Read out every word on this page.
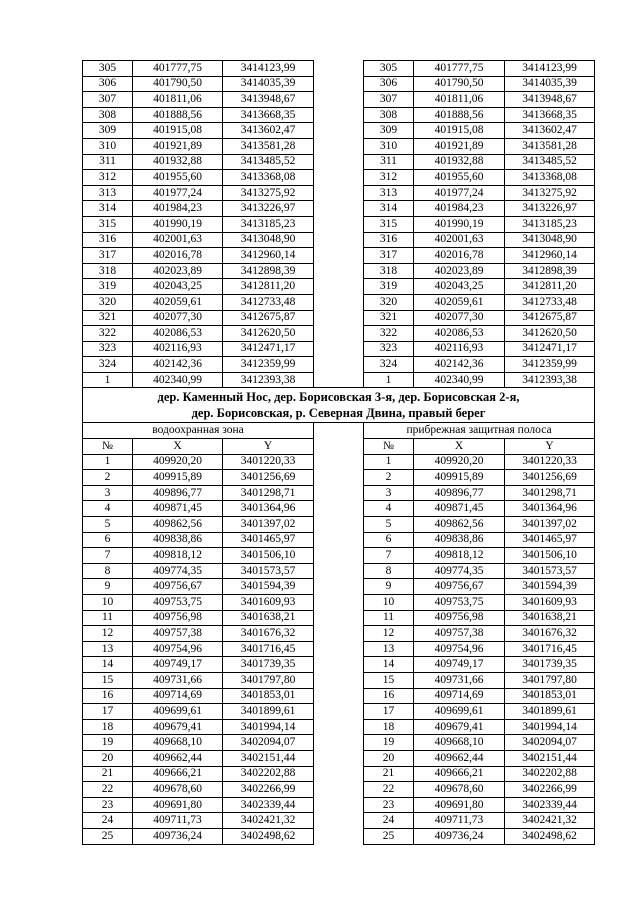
305	401777,75	3414123,99		305	401777,75	3414123,99
306	401790,50	3414035,39		306	401790,50	3414035,39
307	401811,06	3413948,67		307	401811,06	3413948,67
308	401888,56	3413668,35		308	401888,56	3413668,35
309	401915,08	3413602,47		309	401915,08	3413602,47
310	401921,89	3413581,28		310	401921,89	3413581,28
311	401932,88	3413485,52		311	401932,88	3413485,52
312	401955,60	3413368,08		312	401955,60	3413368,08
313	401977,24	3413275,92		313	401977,24	3413275,92
314	401984,23	3413226,97		314	401984,23	3413226,97
315	401990,19	3413185,23		315	401990,19	3413185,23
316	402001,63	3413048,90		316	402001,63	3413048,90
317	402016,78	3412960,14		317	402016,78	3412960,14
318	402023,89	3412898,39		318	402023,89	3412898,39
319	402043,25	3412811,20		319	402043,25	3412811,20
320	402059,61	3412733,48		320	402059,61	3412733,48
321	402077,30	3412675,87		321	402077,30	3412675,87
322	402086,53	3412620,50		322	402086,53	3412620,50
323	402116,93	3412471,17		323	402116,93	3412471,17
324	402142,36	3412359,99		324	402142,36	3412359,99
1	402340,99	3412393,38		1	402340,99	3412393,38
дер. Каменный Нос, дер. Борисовская 3-я, дер. Борисовская 2-я,
дер. Борисовская, р. Северная Двина, правый берег						
водоохранная зона				прибрежная защитная полоса		
№	X	Y		№	X	Y
1	409920,20	3401220,33		1	409920,20	3401220,33
2	409915,89	3401256,69		2	409915,89	3401256,69
3	409896,77	3401298,71		3	409896,77	3401298,71
4	409871,45	3401364,96		4	409871,45	3401364,96
5	409862,56	3401397,02		5	409862,56	3401397,02
6	409838,86	3401465,97		6	409838,86	3401465,97
7	409818,12	3401506,10		7	409818,12	3401506,10
8	409774,35	3401573,57		8	409774,35	3401573,57
9	409756,67	3401594,39		9	409756,67	3401594,39
10	409753,75	3401609,93		10	409753,75	3401609,93
11	409756,98	3401638,21		11	409756,98	3401638,21
12	409757,38	3401676,32		12	409757,38	3401676,32
13	409754,96	3401716,45		13	409754,96	3401716,45
14	409749,17	3401739,35		14	409749,17	3401739,35
15	409731,66	3401797,80		15	409731,66	3401797,80
16	409714,69	3401853,01		16	409714,69	3401853,01
17	409699,61	3401899,61		17	409699,61	3401899,61
18	409679,41	3401994,14		18	409679,41	3401994,14
19	409668,10	3402094,07		19	409668,10	3402094,07
20	409662,44	3402151,44		20	409662,44	3402151,44
21	409666,21	3402202,88		21	409666,21	3402202,88
22	409678,60	3402266,99		22	409678,60	3402266,99
23	409691,80	3402339,44		23	409691,80	3402339,44
24	409711,73	3402421,32		24	409711,73	3402421,32
25	409736,24	3402498,62		25	409736,24	3402498,62
